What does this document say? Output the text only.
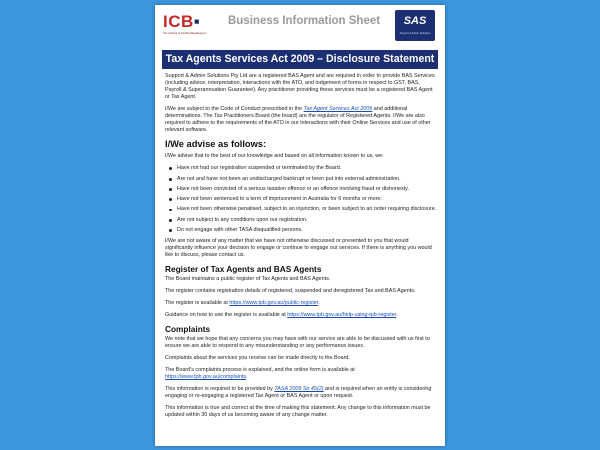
ICB▪
The Institute of Certified Bookkeepers
Business Information Sheet	SAS
Support & Admin Solutions
Tax Agents Services Act 2009 – Disclosure Statement

Support & Admin Solutions Pty Ltd are a registered BAS Agent and are required in order to provide BAS Services (including advice, interpretation, interactions with the ATO, and lodgement of forms in respect to GST, BAS, Payroll & Superannuation Guarantee). Any practitioner providing these services must be a registered BAS Agent or Tax Agent.

I/We are subject to the Code of Conduct prescribed in the Tax Agent Services Act 2009 and additional determinations. The Tax Practitioners Board (the board) are the regulator of Registered Agents. I/We are also required to adhere to the requirements of the ATO in our interactions with their Online Services and use of other relevant software.

I/We advise as follows:

I/We advise that to the best of our knowledge and based on all information known to us, we:

Have not had our registration suspended or terminated by the Board.
Are not and have not been an undischarged bankrupt or been put into external administration.
Have not been convicted of a serious taxation offence or an offence involving fraud or dishonesty.
Have not been sentenced to a term of imprisonment in Australia for 6 months or more.
Have not been otherwise penalised, subject to an injunction, or been subject to an order requiring disclosure.
Are not subject to any conditions upon our registration.
Do not engage with other TASA disqualified persons.

I/We are not aware of any matter that we have not otherwise discussed or presented to you that would significantly influence your decision to engage or continue to engage our services. If there is anything you would like to discuss, please contact us.

Register of Tax Agents and BAS Agents

The Board maintains a public register of Tax Agents and BAS Agents.

The register contains registration details of registered, suspended and deregistered Tax and BAS Agents.

The register is available at https://www.tpb.gov.au/public-register.

Guidance on how to use the register is available at https://www.tpb.gov.au/help-using-tpb-register.

Complaints

We note that we hope that any concerns you may have with our service are able to be discussed with us first to ensure we are able to respond to any misunderstanding or any performance issues.

Complaints about the services you receive can be made directly to the Board.

The Board's complaints process is explained, and the online form is available at https://www.tpb.gov.au/complaints.

This information is required to be provided by TASA 2009 Sn 45(2) and is required when an entity is considering engaging or re-engaging a registered Tax Agent or BAS Agent or upon request.

This information is true and correct at the time of making this statement. Any change to this information must be updated within 30 days of us becoming aware of any change matter.
